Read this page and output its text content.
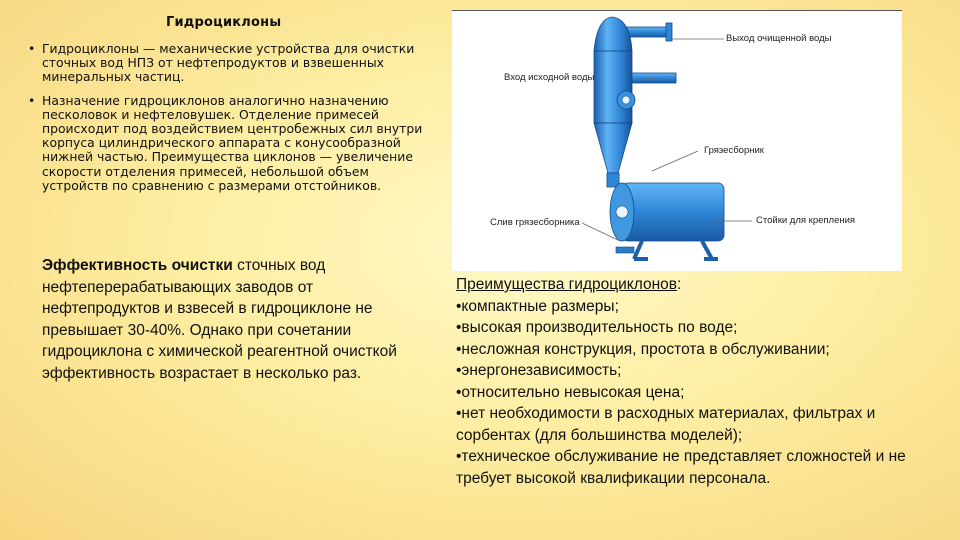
Гидроциклоны
• Гидроциклоны — механические устройства для очистки сточных вод НПЗ от нефтепродуктов и взвешенных минеральных частиц.
• Назначение гидроциклонов аналогично назначению песколовок и нефтеловушек. Отделение примесей происходит под воздействием центробежных сил внутри корпуса цилиндрического аппарата с конусообразной нижней частью. Преимущества циклонов — увеличение скорости отделения примесей, небольшой объем устройств по сравнению с размерами отстойников.
Эффективность очистки сточных вод нефтеперерабатывающих заводов от нефтепродуктов и взвесей в гидроциклоне не превышает 30-40%. Однако при сочетании гидроциклона с химической реагентной очисткой эффективность возрастает в несколько раз.
Выход очищенной воды
Вход исходной воды
Грязесборник
Слив грязесборника	Стойки для крепления
Преимущества гидроциклонов:
•компактные размеры;
•высокая производительность по воде;
•несложная конструкция, простота в обслуживании;
•энергонезависимость;
•относительно невысокая цена;
•нет необходимости в расходных материалах, фильтрах и сорбентах (для большинства моделей);
•техническое обслуживание не представляет сложностей и не требует высокой квалификации персонала.
